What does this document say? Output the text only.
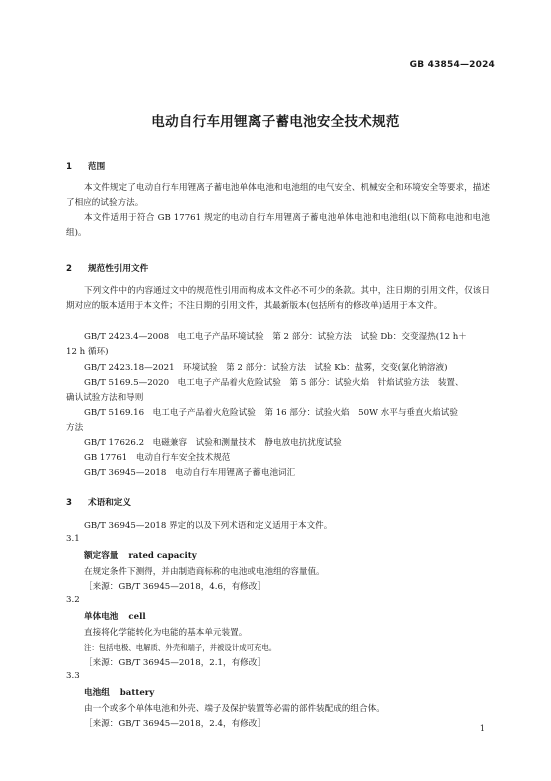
GB 43854—2024
电动自行车用锂离子蓄电池安全技术规范
1 范围
本文件规定了电动自行车用锂离子蓄电池单体电池和电池组的电气安全、机械安全和环境安全等要求，描述了相应的试验方法。
本文件适用于符合 GB 17761 规定的电动自行车用锂离子蓄电池单体电池和电池组(以下简称电池和电池组)。
2 规范性引用文件
下列文件中的内容通过文中的规范性引用而构成本文件必不可少的条款。其中，注日期的引用文件，仅该日期对应的版本适用于本文件；不注日期的引用文件，其最新版本(包括所有的修改单)适用于本文件。
GB/T 2423.4—2008　电工电子产品环境试验　第 2 部分：试验方法　试验 Db：交变湿热(12 h＋
12 h 循环)
GB/T 2423.18—2021　环境试验　第 2 部分：试验方法　试验 Kb：盐雾，交变(氯化钠溶液)
GB/T 5169.5—2020　电工电子产品着火危险试验　第 5 部分：试验火焰　针焰试验方法　装置、
确认试验方法和导则
GB/T 5169.16　电工电子产品着火危险试验　第 16 部分：试验火焰　50W 水平与垂直火焰试验
方法
GB/T 17626.2　电磁兼容　试验和测量技术　静电放电抗扰度试验
GB 17761　电动自行车安全技术规范
GB/T 36945—2018　电动自行车用锂离子蓄电池词汇
3 术语和定义
GB/T 36945—2018 界定的以及下列术语和定义适用于本文件。
3.1
额定容量 rated capacity
在规定条件下测得，并由制造商标称的电池或电池组的容量值。
［来源：GB/T 36945—2018，4.6，有修改］
3.2
单体电池 cell
直接将化学能转化为电能的基本单元装置。
注：包括电极、电解质、外壳和端子，并被设计成可充电。
［来源：GB/T 36945—2018，2.1，有修改］
3.3
电池组 battery
由一个或多个单体电池和外壳、端子及保护装置等必需的部件装配成的组合体。
［来源：GB/T 36945—2018，2.4，有修改］	1
